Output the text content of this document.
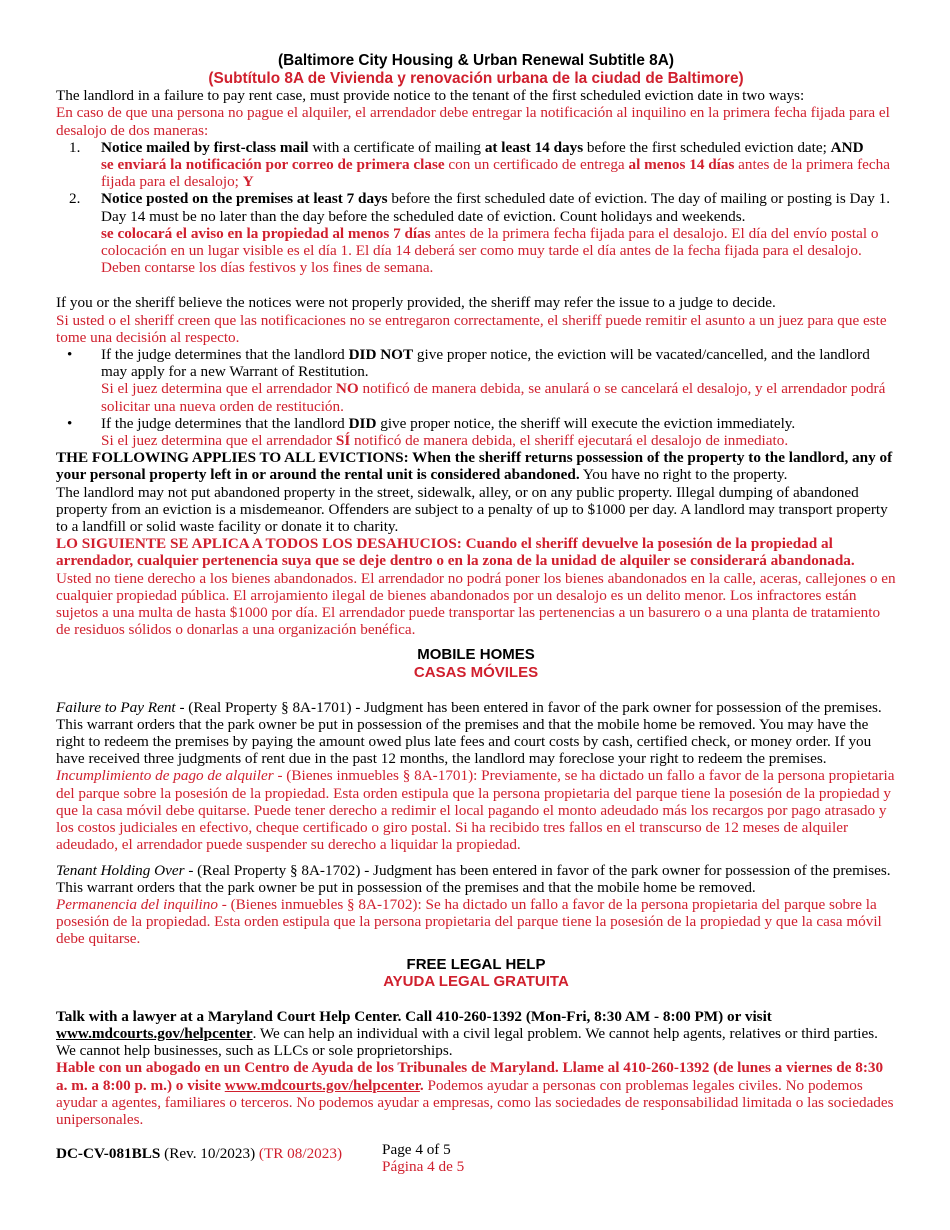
(Baltimore City Housing & Urban Renewal Subtitle 8A)
(Subtítulo 8A de Vivienda y renovación urbana de la ciudad de Baltimore)

The landlord in a failure to pay rent case, must provide notice to the tenant of the first scheduled eviction date in two ways:

En caso de que una persona no pague el alquiler, el arrendador debe entregar la notificación al inquilino en la primera fecha fijada para el desalojo de dos maneras:

1. Notice mailed by first-class mail with a certificate of mailing at least 14 days before the first scheduled eviction date; AND
se enviará la notificación por correo de primera clase con un certificado de entrega al menos 14 días antes de la primera fecha fijada para el desalojo; Y
2. Notice posted on the premises at least 7 days before the first scheduled date of eviction. The day of mailing or posting is Day 1. Day 14 must be no later than the day before the scheduled date of eviction. Count holidays and weekends.
se colocará el aviso en la propiedad al menos 7 días antes de la primera fecha fijada para el desalojo. El día del envío postal o colocación en un lugar visible es el día 1. El día 14 deberá ser como muy tarde el día antes de la fecha fijada para el desalojo. Deben contarse los días festivos y los fines de semana.

If you or the sheriff believe the notices were not properly provided, the sheriff may refer the issue to a judge to decide.

Si usted o el sheriff creen que las notificaciones no se entregaron correctamente, el sheriff puede remitir el asunto a un juez para que este tome una decisión al respecto.

• If the judge determines that the landlord DID NOT give proper notice, the eviction will be vacated/cancelled, and the landlord may apply for a new Warrant of Restitution.
Si el juez determina que el arrendador NO notificó de manera debida, se anulará o se cancelará el desalojo, y el arrendador podrá solicitar una nueva orden de restitución.
• If the judge determines that the landlord DID give proper notice, the sheriff will execute the eviction immediately.
Si el juez determina que el arrendador SÍ notificó de manera debida, el sheriff ejecutará el desalojo de inmediato.

THE FOLLOWING APPLIES TO ALL EVICTIONS: When the sheriff returns possession of the property to the landlord, any of your personal property left in or around the rental unit is considered abandoned. You have no right to the property.

The landlord may not put abandoned property in the street, sidewalk, alley, or on any public property. Illegal dumping of abandoned property from an eviction is a misdemeanor. Offenders are subject to a penalty of up to $1000 per day. A landlord may transport property to a landfill or solid waste facility or donate it to charity.

LO SIGUIENTE SE APLICA A TODOS LOS DESAHUCIOS: Cuando el sheriff devuelve la posesión de la propiedad al arrendador, cualquier pertenencia suya que se deje dentro o en la zona de la unidad de alquiler se considerará abandonada.

Usted no tiene derecho a los bienes abandonados. El arrendador no podrá poner los bienes abandonados en la calle, aceras, callejones o en cualquier propiedad pública. El arrojamiento ilegal de bienes abandonados por un desalojo es un delito menor. Los infractores están sujetos a una multa de hasta $1000 por día. El arrendador puede transportar las pertenencias a un basurero o a una planta de tratamiento de residuos sólidos o donarlas a una organización benéfica.

MOBILE HOMES
CASAS MÓVILES

Failure to Pay Rent - (Real Property § 8A-1701) - Judgment has been entered in favor of the park owner for possession of the premises. This warrant orders that the park owner be put in possession of the premises and that the mobile home be removed. You may have the right to redeem the premises by paying the amount owed plus late fees and court costs by cash, certified check, or money order. If you have received three judgments of rent due in the past 12 months, the landlord may foreclose your right to redeem the premises.

Incumplimiento de pago de alquiler - (Bienes inmuebles § 8A-1701): Previamente, se ha dictado un fallo a favor de la persona propietaria del parque sobre la posesión de la propiedad. Esta orden estipula que la persona propietaria del parque tiene la posesión de la propiedad y que la casa móvil debe quitarse. Puede tener derecho a redimir el local pagando el monto adeudado más los recargos por pago atrasado y los costos judiciales en efectivo, cheque certificado o giro postal. Si ha recibido tres fallos en el transcurso de 12 meses de alquiler adeudado, el arrendador puede suspender su derecho a liquidar la propiedad.

Tenant Holding Over - (Real Property § 8A-1702) - Judgment has been entered in favor of the park owner for possession of the premises. This warrant orders that the park owner be put in possession of the premises and that the mobile home be removed.

Permanencia del inquilino - (Bienes inmuebles § 8A-1702): Se ha dictado un fallo a favor de la persona propietaria del parque sobre la posesión de la propiedad. Esta orden estipula que la persona propietaria del parque tiene la posesión de la propiedad y que la casa móvil debe quitarse.

FREE LEGAL HELP
AYUDA LEGAL GRATUITA

Talk with a lawyer at a Maryland Court Help Center. Call 410-260-1392 (Mon-Fri, 8:30 AM - 8:00 PM) or visit www.mdcourts.gov/helpcenter. We can help an individual with a civil legal problem. We cannot help agents, relatives or third parties. We cannot help businesses, such as LLCs or sole proprietorships.

Hable con un abogado en un Centro de Ayuda de los Tribunales de Maryland. Llame al 410-260-1392 (de lunes a viernes de 8:30 a. m. a 8:00 p. m.) o visite www.mdcourts.gov/helpcenter. Podemos ayudar a personas con problemas legales civiles. No podemos ayudar a agentes, familiares o terceros. No podemos ayudar a empresas, como las sociedades de responsabilidad limitada o las sociedades unipersonales.

DC-CV-081BLS (Rev. 10/2023) (TR 08/2023)	Page 4 of 5
Página 4 de 5
